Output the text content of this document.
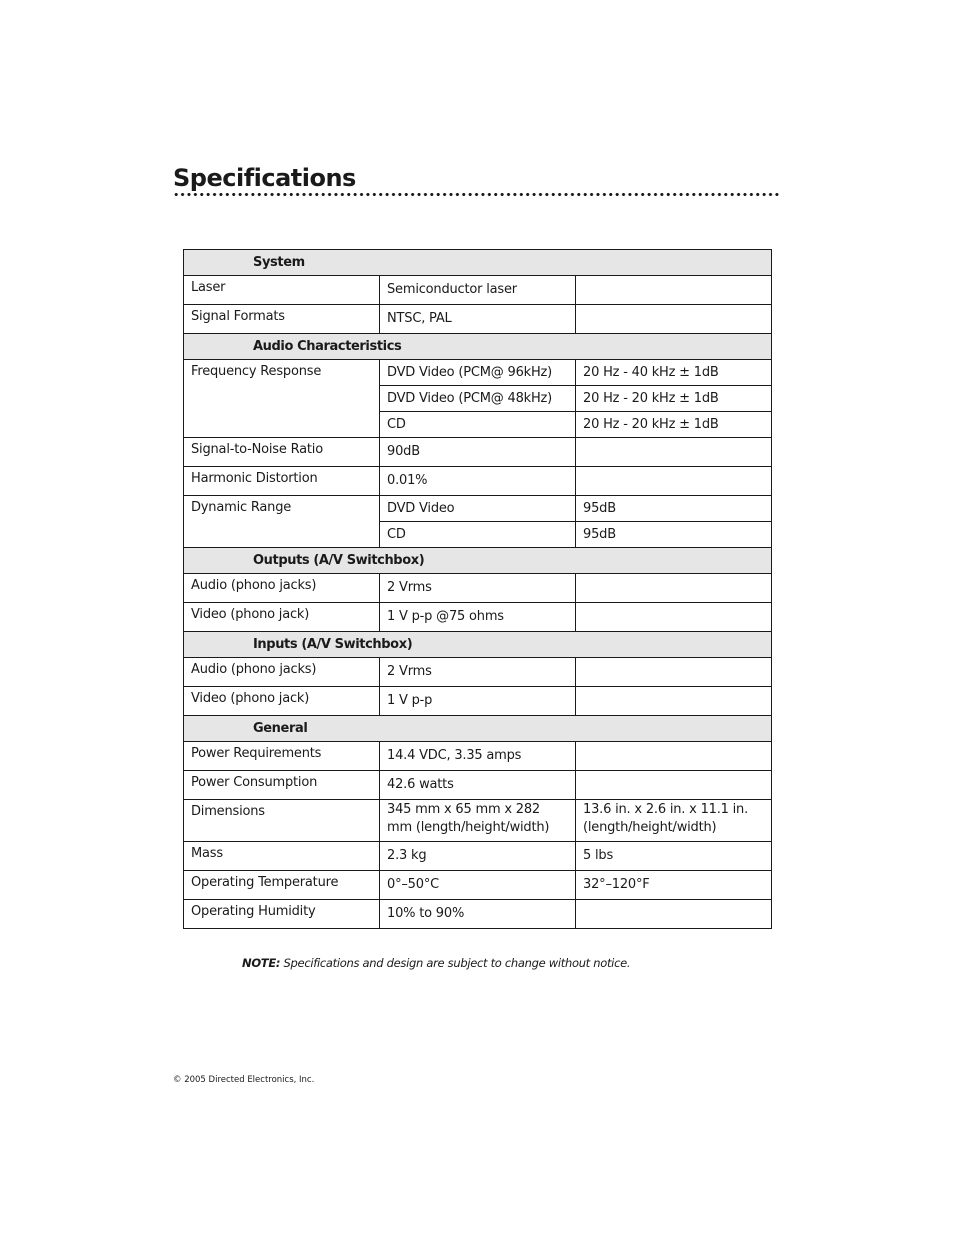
Specifications
System		
Laser	Semiconductor laser	
Signal Formats	NTSC, PAL	
Audio Characteristics		
Frequency Response	DVD Video (PCM@ 96kHz)	20 Hz - 40 kHz ± 1dB
	DVD Video (PCM@ 48kHz)	20 Hz - 20 kHz ± 1dB
	CD	20 Hz - 20 kHz ± 1dB
Signal-to-Noise Ratio	90dB	
Harmonic Distortion	0.01%	
Dynamic Range	DVD Video	95dB
	CD	95dB
Outputs (A/V Switchbox)		
Audio (phono jacks)	2 Vrms	
Video (phono jack)	1 V p-p @75 ohms	
Inputs (A/V Switchbox)		
Audio (phono jacks)	2 Vrms	
Video (phono jack)	1 V p-p	
General		
Power Requirements	14.4 VDC, 3.35 amps	
Power Consumption	42.6 watts	
Dimensions	345 mm x 65 mm x 282 mm (length/height/width)	13.6 in. x 2.6 in. x 11.1 in. (length/height/width)
Mass	2.3 kg	5 lbs
Operating Temperature	0°–50°C	32°–120°F
Operating Humidity	10% to 90%	
NOTE: Specifications and design are subject to change without notice.
© 2005 Directed Electronics, Inc.
